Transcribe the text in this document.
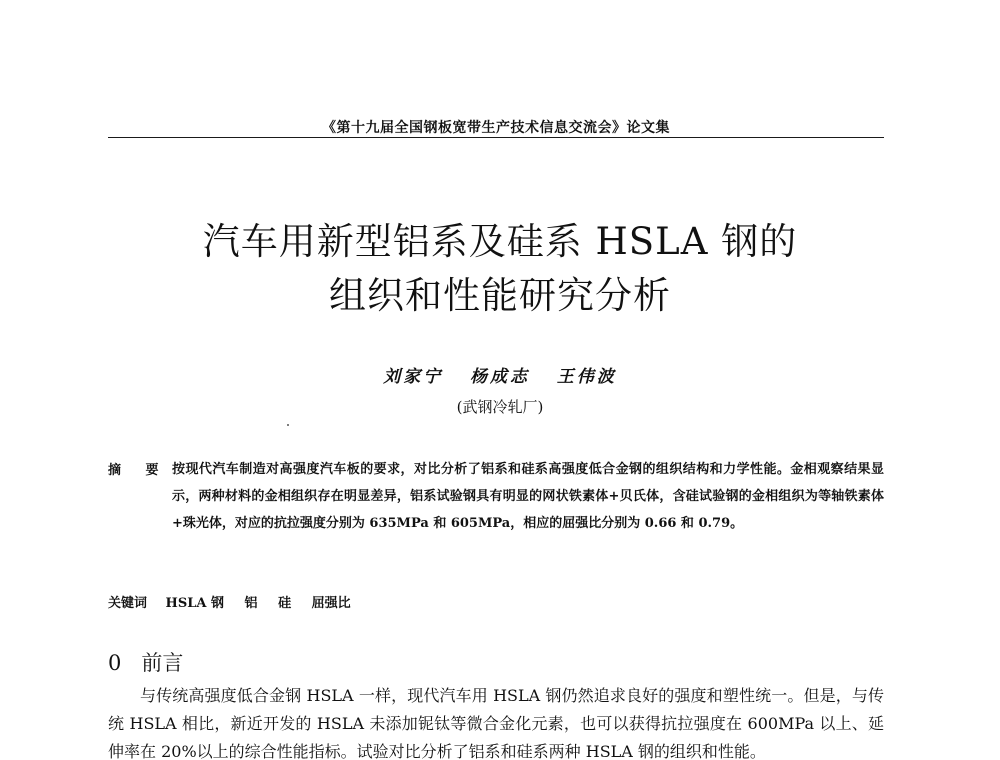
《第十九届全国钢板宽带生产技术信息交流会》论文集
汽车用新型铝系及硅系 HSLA 钢的
组织和性能研究分析
刘家宁 杨成志 王伟波
(武钢冷轧厂)
摘 要 按现代汽车制造对高强度汽车板的要求，对比分析了铝系和硅系高强度低合金钢的组织结构和力学性能。金相观察结果显示，两种材料的金相组织存在明显差异，铝系试验钢具有明显的网状铁素体+贝氏体，含硅试验钢的金相组织为等轴铁素体+珠光体，对应的抗拉强度分别为 635MPa 和 605MPa，相应的屈强比分别为 0.66 和 0.79。

关键词 HSLA 钢 铝 硅 屈强比
0 前言

与传统高强度低合金钢 HSLA 一样，现代汽车用 HSLA 钢仍然追求良好的强度和塑性统一。但是，与传统 HSLA 相比，新近开发的 HSLA 未添加铌钛等微合金化元素，也可以获得抗拉强度在 600MPa 以上、延伸率在 20%以上的综合性能指标。试验对比分析了铝系和硅系两种 HSLA 钢的组织和性能。
